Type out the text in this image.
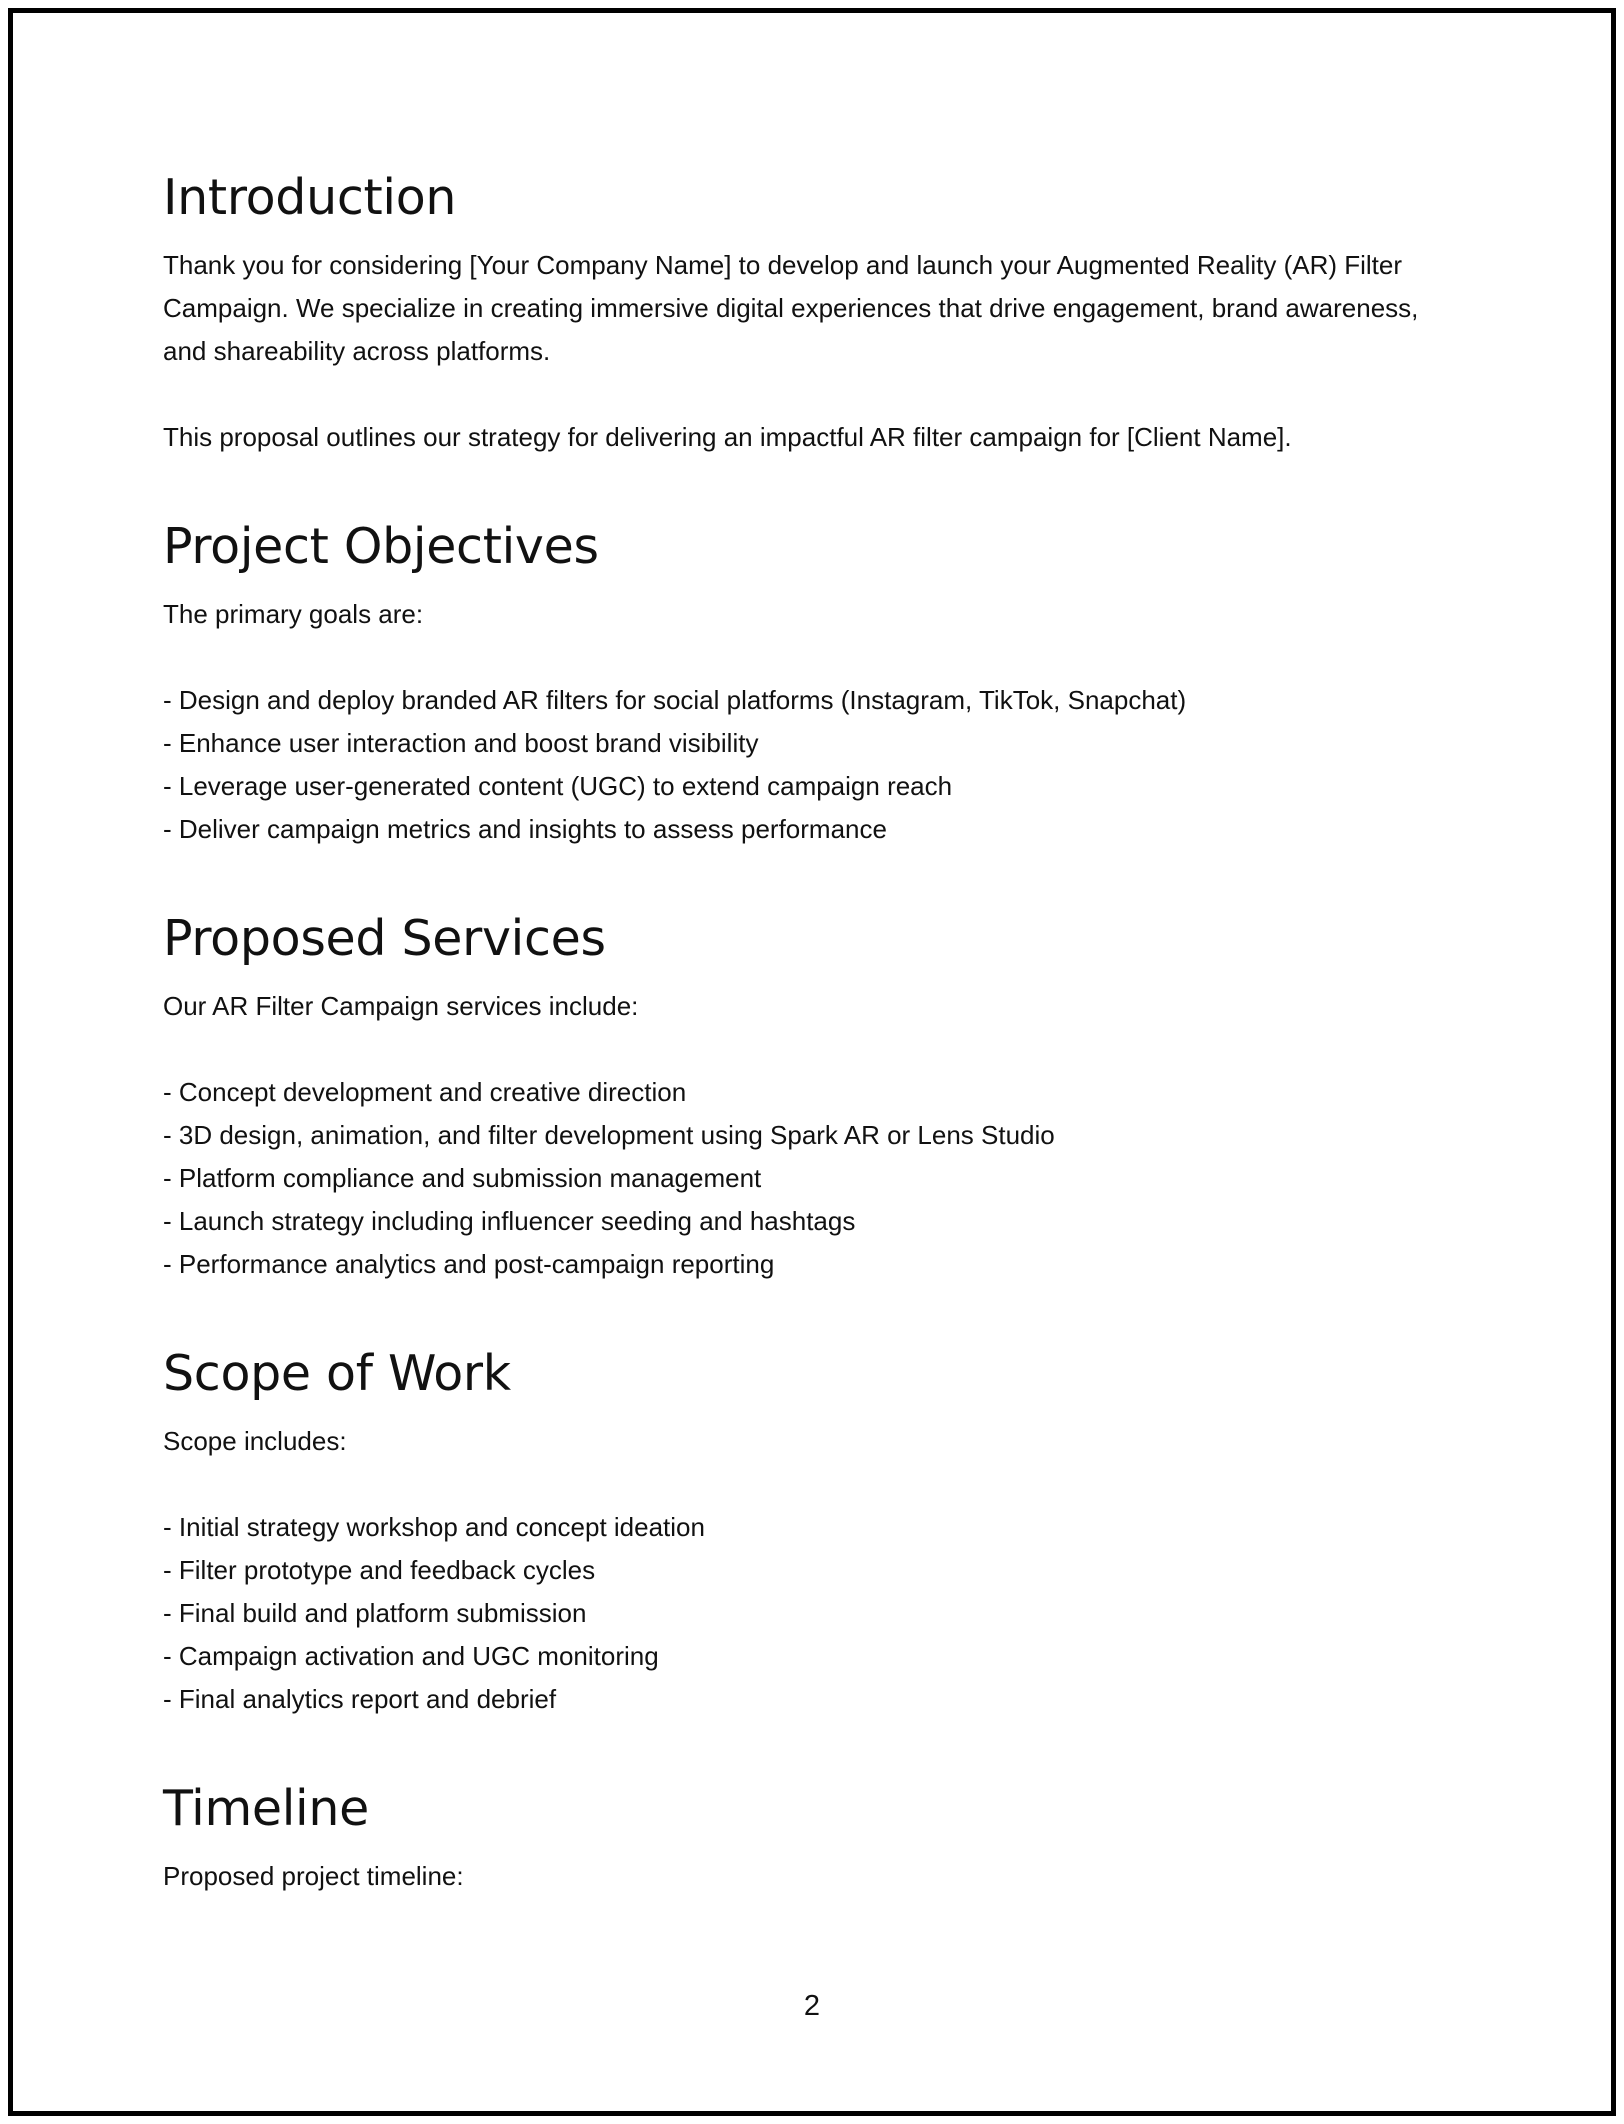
Introduction

Thank you for considering [Your Company Name] to develop and launch your Augmented Reality (AR) Filter Campaign. We specialize in creating immersive digital experiences that drive engagement, brand awareness, and shareability across platforms.

This proposal outlines our strategy for delivering an impactful AR filter campaign for [Client Name].

Project Objectives

The primary goals are:

- Design and deploy branded AR filters for social platforms (Instagram, TikTok, Snapchat)
- Enhance user interaction and boost brand visibility
- Leverage user-generated content (UGC) to extend campaign reach
- Deliver campaign metrics and insights to assess performance
Proposed Services

Our AR Filter Campaign services include:

- Concept development and creative direction
- 3D design, animation, and filter development using Spark AR or Lens Studio
- Platform compliance and submission management
- Launch strategy including influencer seeding and hashtags
- Performance analytics and post-campaign reporting
Scope of Work

Scope includes:

- Initial strategy workshop and concept ideation
- Filter prototype and feedback cycles
- Final build and platform submission
- Campaign activation and UGC monitoring
- Final analytics report and debrief
Timeline

Proposed project timeline:

2
